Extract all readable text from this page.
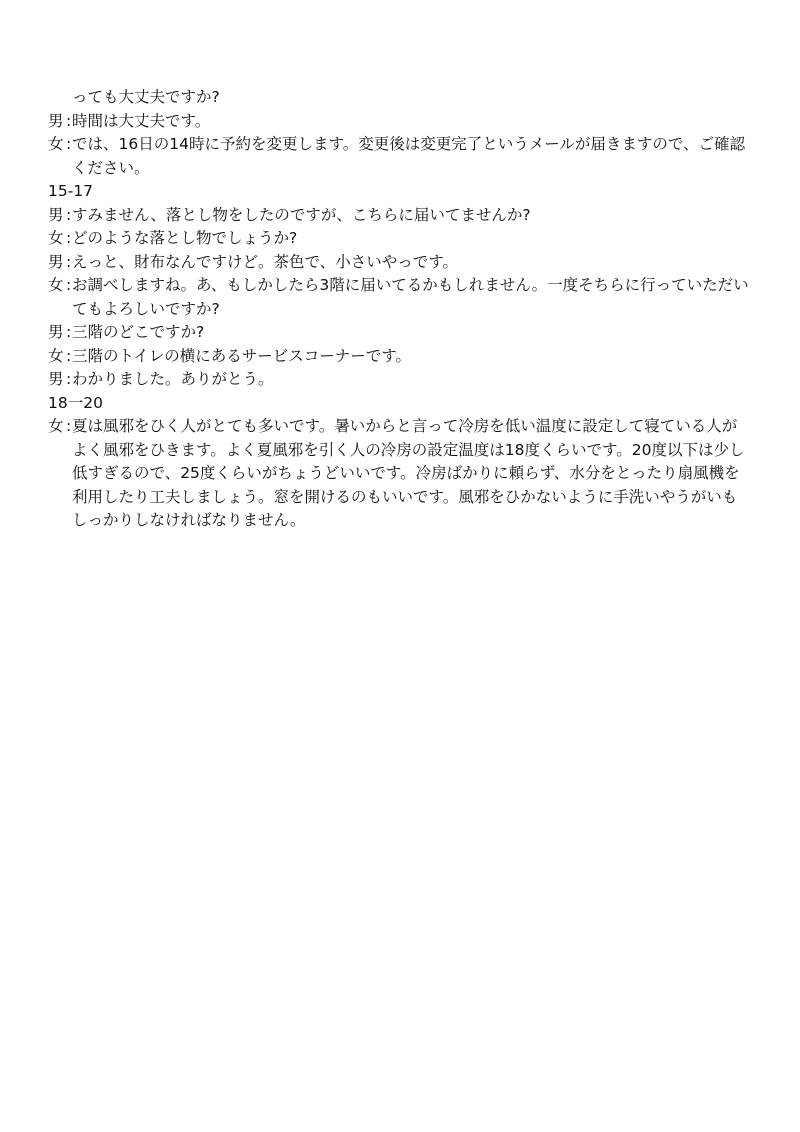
っても大丈夫ですか?
男 : 時間は大丈夫です。
女 : では、16日の14時に予約を変更します。変更後は変更完了というメールが届きますので、ご確認ください。
15-17
男 : すみません、落とし物をしたのですが、こちらに届いてませんか?
女 : どのような落とし物でしょうか?
男 : えっと、財布なんですけど。茶色で、小さいやっです。
女 : お調べしますね。あ、もしかしたら3階に届いてるかもしれません。一度そちらに行っていただいてもよろしいですか?
男 : 三階のどこですか?
女 : 三階のトイレの横にあるサービスコーナーです。
男 : わかりました。ありがとう。
18一20
女 : 夏は風邪をひく人がとても多いです。暑いからと言って冷房を低い温度に設定して寝ている人がよく風邪をひきます。よく夏風邪を引く人の冷房の設定温度は18度くらいです。20度以下は少し低すぎるので、25度くらいがちょうどいいです。冷房ばかりに頼らず、水分をとったり扇風機を利用したり工夫しましょう。窓を開けるのもいいです。風邪をひかないように手洗いやうがいもしっかりしなければなりません。
